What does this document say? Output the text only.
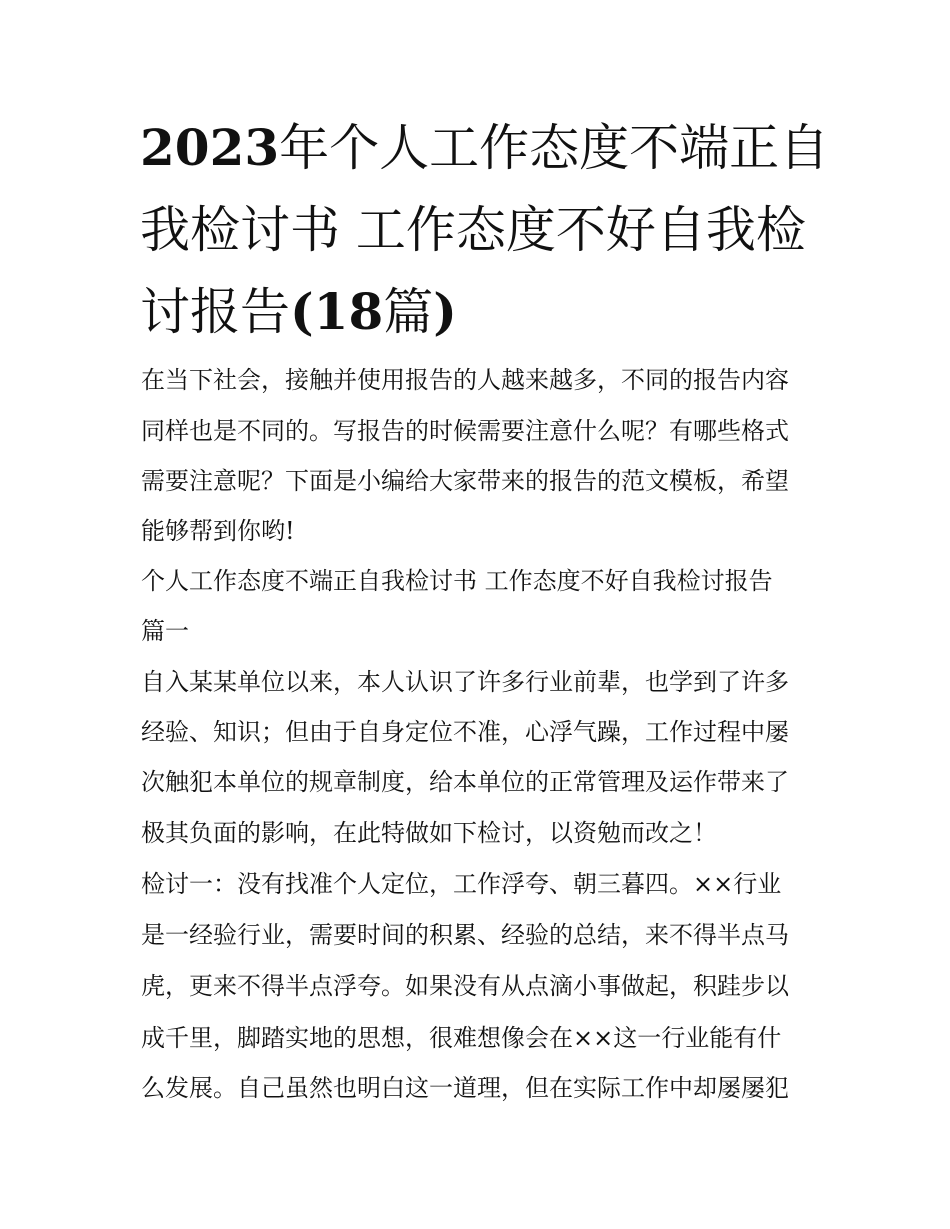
2023年个人工作态度不端正自
我检讨书 工作态度不好自我检
讨报告(18篇)

在当下社会，接触并使用报告的人越来越多，不同的报告内容

同样也是不同的。写报告的时候需要注意什么呢？有哪些格式

需要注意呢？下面是小编给大家带来的报告的范文模板，希望

能够帮到你哟!

个人工作态度不端正自我检讨书 工作态度不好自我检讨报告

篇一

自入某某单位以来，本人认识了许多行业前辈，也学到了许多

经验、知识；但由于自身定位不准，心浮气躁，工作过程中屡

次触犯本单位的规章制度，给本单位的正常管理及运作带来了

极其负面的影响，在此特做如下检讨，以资勉而改之！

检讨一：没有找准个人定位，工作浮夸、朝三暮四。××行业

是一经验行业，需要时间的积累、经验的总结，来不得半点马

虎，更来不得半点浮夸。如果没有从点滴小事做起，积跬步以

成千里，脚踏实地的思想，很难想像会在××这一行业能有什

么发展。自己虽然也明白这一道理，但在实际工作中却屡屡犯
